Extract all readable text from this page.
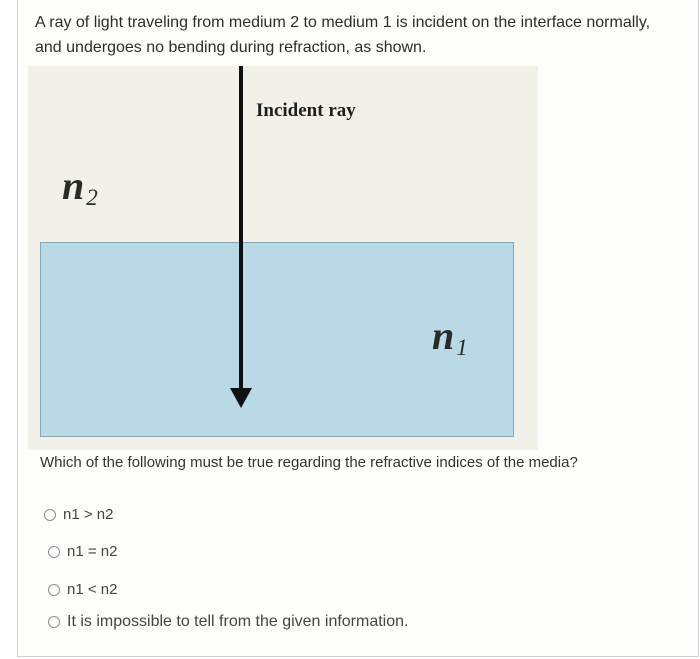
A ray of light traveling from medium 2 to medium 1 is incident on the interface normally, and undergoes no bending during refraction, as shown.
Incident ray
$n_2$
$n_1$
Which of the following must be true regarding the refractive indices of the media?
n1 > n2
n1 = n2
n1 < n2
It is impossible to tell from the given information.
